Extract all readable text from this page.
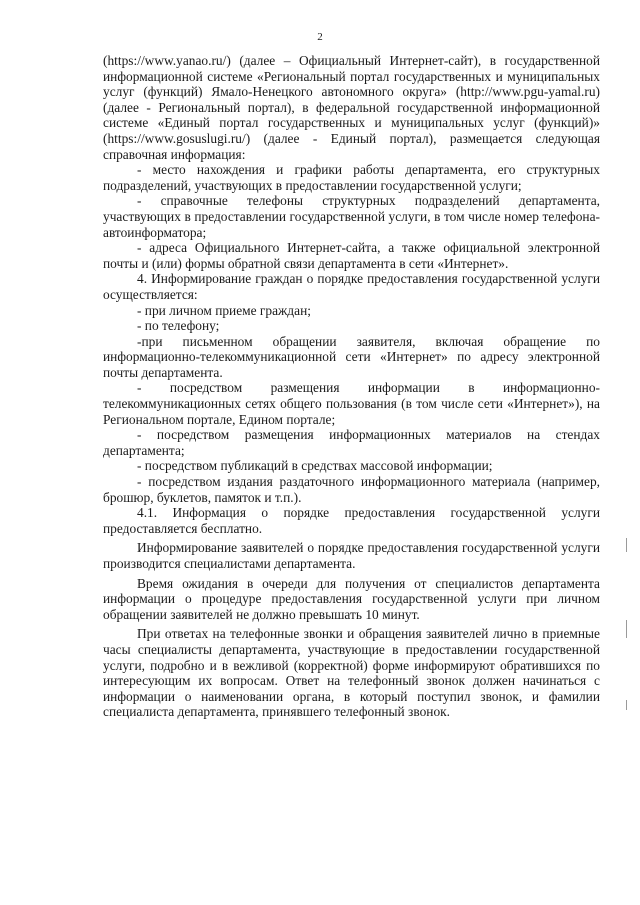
2

(https://www.yanao.ru/) (далее – Официальный Интернет-сайт), в государственной информационной системе «Региональный портал государственных и муниципальных услуг (функций) Ямало-Ненецкого автономного округа» (http://www.pgu-yamal.ru) (далее - Региональный портал), в федеральной государственной информационной системе «Единый портал государственных и муниципальных услуг (функций)» (https://www.gosuslugi.ru/) (далее - Единый портал), размещается следующая справочная информация:

- место нахождения и графики работы департамента, его структурных подразделений, участвующих в предоставлении государственной услуги;

- справочные телефоны структурных подразделений департамента, участвующих в предоставлении государственной услуги, в том числе номер телефона-автоинформатора;

- адреса Официального Интернет-сайта, а также официальной электронной почты и (или) формы обратной связи департамента в сети «Интернет».

4. Информирование граждан о порядке предоставления государственной услуги осуществляется:

- при личном приеме граждан;

- по телефону;

-при письменном обращении заявителя, включая обращение по информационно-телекоммуникационной сети «Интернет» по адресу электронной почты департамента.

- посредством размещения информации в информационно-телекоммуникационных сетях общего пользования (в том числе сети «Интернет»), на Региональном портале, Едином портале;

- посредством размещения информационных материалов на стендах департамента;

- посредством публикаций в средствах массовой информации;

- посредством издания раздаточного информационного материала (например, брошюр, буклетов, памяток и т.п.).

4.1. Информация о порядке предоставления государственной услуги предоставляется бесплатно.

Информирование заявителей о порядке предоставления государственной услуги производится специалистами департамента.

Время ожидания в очереди для получения от специалистов департамента информации о процедуре предоставления государственной услуги при личном обращении заявителей не должно превышать 10 минут.

При ответах на телефонные звонки и обращения заявителей лично в приемные часы специалисты департамента, участвующие в предоставлении государственной услуги, подробно и в вежливой (корректной) форме информируют обратившихся по интересующим их вопросам. Ответ на телефонный звонок должен начинаться с информации о наименовании органа, в который поступил звонок, и фамилии специалиста департамента, принявшего телефонный звонок.
